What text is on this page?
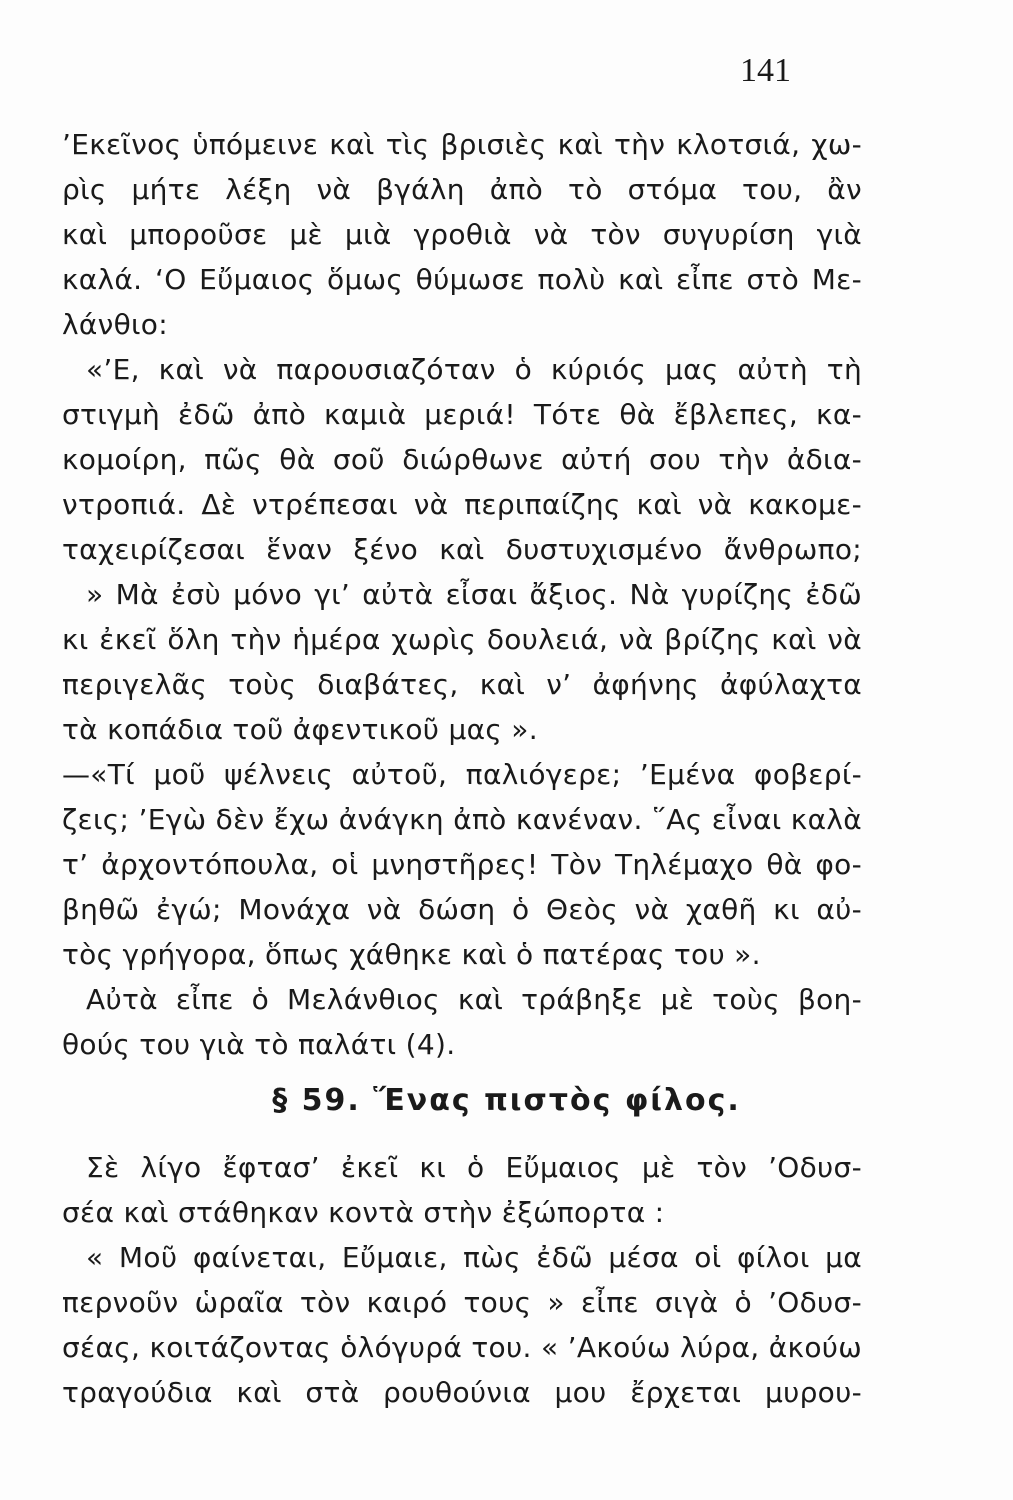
141
’Εκεῖνος ὑπόμεινε καὶ τὶς βρισιὲς καὶ τὴν κλοτσιά, χω-
ρὶς μήτε λέξη νὰ βγάλη ἀπὸ τὸ στόμα του, ἂν
καὶ μποροῦσε μὲ μιὰ γροθιὰ νὰ τὸν συγυρίση γιὰ
καλά. ‘Ο Εὔμαιος ὅμως θύμωσε πολὺ καὶ εἶπε στὸ Με-
λάνθιο:
«’Ε, καὶ νὰ παρουσιαζόταν ὁ κύριός μας αὐτὴ τὴ
στιγμὴ ἐδῶ ἀπὸ καμιὰ μεριά! Τότε θὰ ἔβλεπες, κα-
κομοίρη, πῶς θὰ σοῦ διώρθωνε αὐτή σου τὴν ἀδια-
ντροπιά. Δὲ ντρέπεσαι νὰ περιπαίζης καὶ νὰ κακομε-
ταχειρίζεσαι ἕναν ξένο καὶ δυστυχισμένο ἄνθρωπο;
» Μὰ ἐσὺ μόνο γι’ αὐτὰ εἶσαι ἄξιος. Νὰ γυρίζης ἐδῶ
κι ἐκεῖ ὅλη τὴν ἡμέρα χωρὶς δουλειά, νὰ βρίζης καὶ νὰ
περιγελᾶς τοὺς διαβάτες, καὶ ν’ ἀφήνης ἀφύλαχτα
τὰ κοπάδια τοῦ ἀφεντικοῦ μας ».
—«Τί μοῦ ψέλνεις αὐτοῦ, παλιόγερε; ’Εμένα φοβερί-
ζεις; ’Εγὼ δὲν ἔχω ἀνάγκη ἀπὸ κανέναν. ῞Ας εἶναι καλὰ
τ’ ἀρχοντόπουλα, οἱ μνηστῆρες! Τὸν Τηλέμαχο θὰ φο-
βηθῶ ἐγώ; Μονάχα νὰ δώση ὁ Θεὸς νὰ χαθῆ κι αὐ-
τὸς γρήγορα, ὅπως χάθηκε καὶ ὁ πατέρας του ».
Αὐτὰ εἶπε ὁ Μελάνθιος καὶ τράβηξε μὲ τοὺς βοη-
θούς του γιὰ τὸ παλάτι (4).
Σὲ λίγο ἔφτασ’ ἐκεῖ κι ὁ Εὔμαιος μὲ τὸν ’Οδυσ-
σέα καὶ στάθηκαν κοντὰ στὴν ἐξώπορτα :
« Μοῦ φαίνεται, Εὔμαιε, πὼς ἐδῶ μέσα οἱ φίλοι μα
περνοῦν ὡραῖα τὸν καιρό τους » εἶπε σιγὰ ὁ ’Οδυσ-
σέας, κοιτάζοντας ὁλόγυρά του. « ’Ακούω λύρα, ἀκούω
τραγούδια καὶ στὰ ρουθούνια μου ἔρχεται μυρου-
§ 59. Ἕνας πιστὸς φίλος.
